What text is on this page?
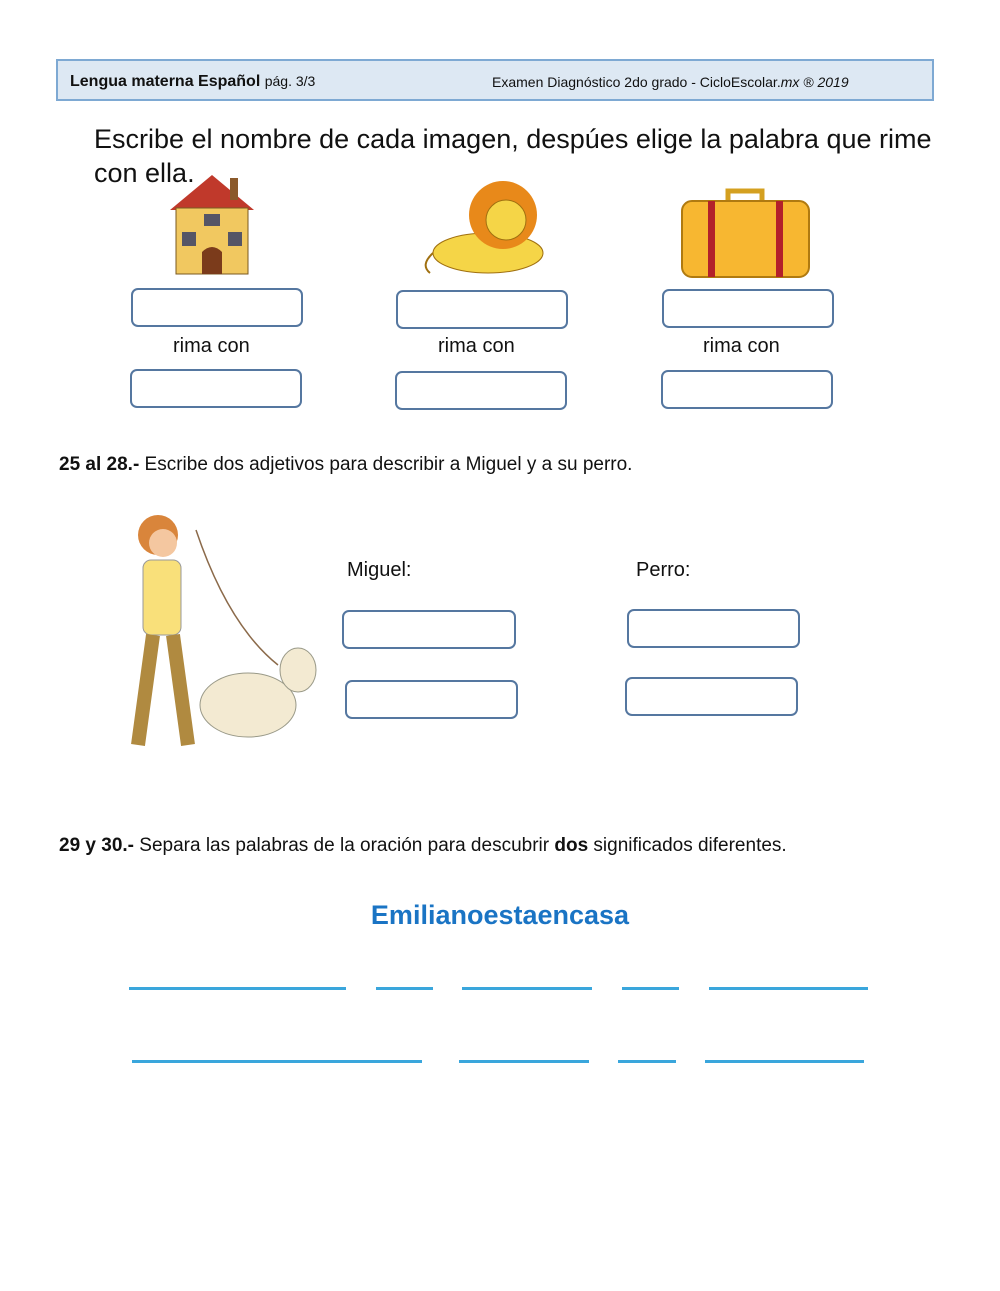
Lengua materna Español pág. 3/3	Examen Diagnóstico 2do grado - CicloEscolar.mx ® 2019
Escribe el nombre de cada imagen, despúes elige la palabra que rime con ella.
rima con	rima con	rima con
25 al 28.- Escribe dos adjetivos para describir a Miguel y a su perro.
Miguel:	Perro:
29 y 30.- Separa las palabras de la oración para descubrir dos significados diferentes.
Emilianoestaencasa
